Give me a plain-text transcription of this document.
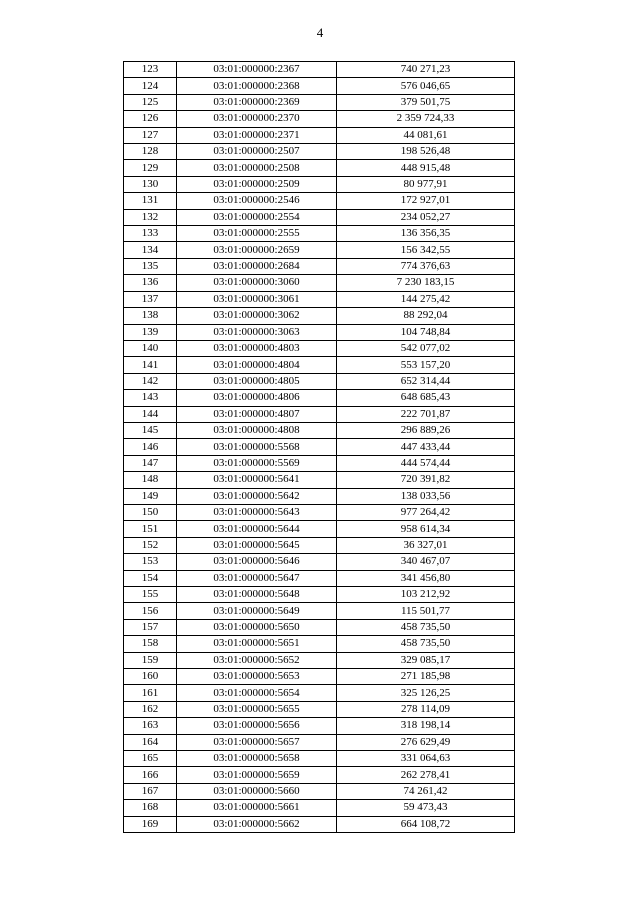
4
123	03:01:000000:2367	740 271,23
124	03:01:000000:2368	576 046,65
125	03:01:000000:2369	379 501,75
126	03:01:000000:2370	2 359 724,33
127	03:01:000000:2371	44 081,61
128	03:01:000000:2507	198 526,48
129	03:01:000000:2508	448 915,48
130	03:01:000000:2509	80 977,91
131	03:01:000000:2546	172 927,01
132	03:01:000000:2554	234 052,27
133	03:01:000000:2555	136 356,35
134	03:01:000000:2659	156 342,55
135	03:01:000000:2684	774 376,63
136	03:01:000000:3060	7 230 183,15
137	03:01:000000:3061	144 275,42
138	03:01:000000:3062	88 292,04
139	03:01:000000:3063	104 748,84
140	03:01:000000:4803	542 077,02
141	03:01:000000:4804	553 157,20
142	03:01:000000:4805	652 314,44
143	03:01:000000:4806	648 685,43
144	03:01:000000:4807	222 701,87
145	03:01:000000:4808	296 889,26
146	03:01:000000:5568	447 433,44
147	03:01:000000:5569	444 574,44
148	03:01:000000:5641	720 391,82
149	03:01:000000:5642	138 033,56
150	03:01:000000:5643	977 264,42
151	03:01:000000:5644	958 614,34
152	03:01:000000:5645	36 327,01
153	03:01:000000:5646	340 467,07
154	03:01:000000:5647	341 456,80
155	03:01:000000:5648	103 212,92
156	03:01:000000:5649	115 501,77
157	03:01:000000:5650	458 735,50
158	03:01:000000:5651	458 735,50
159	03:01:000000:5652	329 085,17
160	03:01:000000:5653	271 185,98
161	03:01:000000:5654	325 126,25
162	03:01:000000:5655	278 114,09
163	03:01:000000:5656	318 198,14
164	03:01:000000:5657	276 629,49
165	03:01:000000:5658	331 064,63
166	03:01:000000:5659	262 278,41
167	03:01:000000:5660	74 261,42
168	03:01:000000:5661	59 473,43
169	03:01:000000:5662	664 108,72
